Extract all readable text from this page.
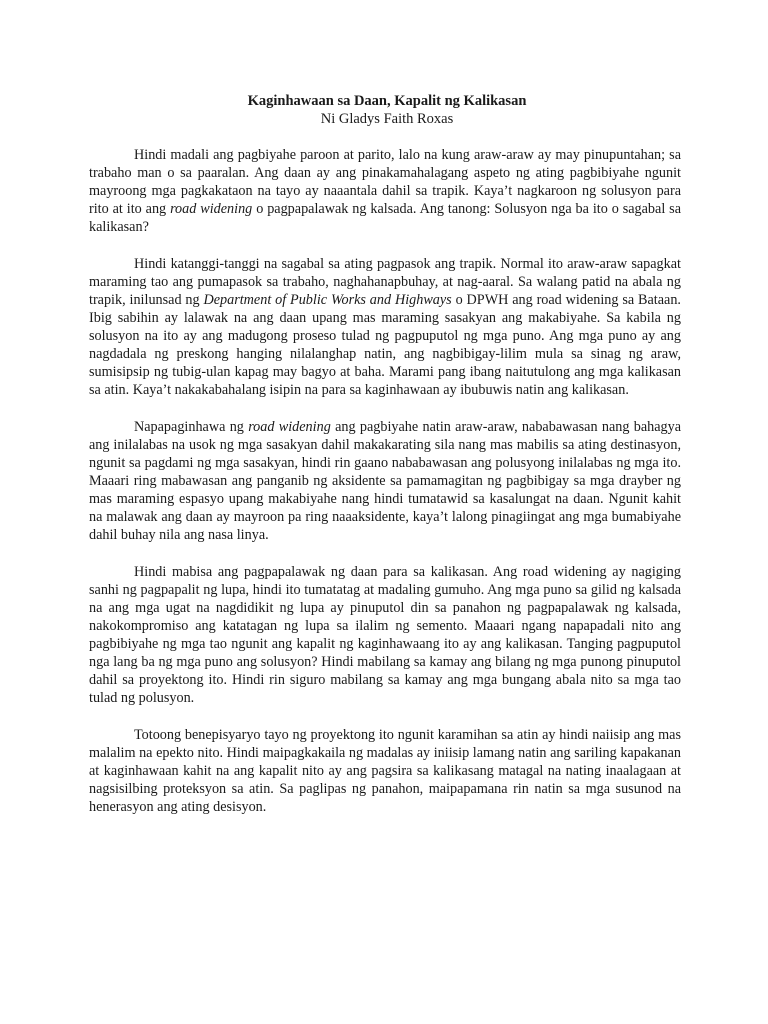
Kaginhawaan sa Daan, Kapalit ng Kalikasan

Ni Gladys Faith Roxas

Hindi madali ang pagbiyahe paroon at parito, lalo na kung araw-araw ay may pinupuntahan; sa trabaho man o sa paaralan. Ang daan ay ang pinakamahalagang aspeto ng ating pagbibiyahe ngunit mayroong mga pagkakataon na tayo ay naaantala dahil sa trapik. Kaya’t nagkaroon ng solusyon para rito at ito ang road widening o pagpapalawak ng kalsada. Ang tanong: Solusyon nga ba ito o sagabal sa kalikasan?

Hindi katanggi-tanggi na sagabal sa ating pagpasok ang trapik. Normal ito araw-araw sapagkat maraming tao ang pumapasok sa trabaho, naghahanapbuhay, at nag-aaral. Sa walang patid na abala ng trapik, inilunsad ng Department of Public Works and Highways o DPWH ang road widening sa Bataan. Ibig sabihin ay lalawak na ang daan upang mas maraming sasakyan ang makabiyahe. Sa kabila ng solusyon na ito ay ang madugong proseso tulad ng pagpuputol ng mga puno. Ang mga puno ay ang nagdadala ng preskong hanging nilalanghap natin, ang nagbibigay-lilim mula sa sinag ng araw, sumisipsip ng tubig-ulan kapag may bagyo at baha. Marami pang ibang naitutulong ang mga kalikasan sa atin. Kaya’t nakakabahalang isipin na para sa kaginhawaan ay ibubuwis natin ang kalikasan.

Napapaginhawa ng road widening ang pagbiyahe natin araw-araw, nababawasan nang bahagya ang inilalabas na usok ng mga sasakyan dahil makakarating sila nang mas mabilis sa ating destinasyon, ngunit sa pagdami ng mga sasakyan, hindi rin gaano nababawasan ang polusyong inilalabas ng mga ito. Maaari ring mabawasan ang panganib ng aksidente sa pamamagitan ng pagbibigay sa mga drayber ng mas maraming espasyo upang makabiyahe nang hindi tumatawid sa kasalungat na daan. Ngunit kahit na malawak ang daan ay mayroon pa ring naaaksidente, kaya’t lalong pinagiingat ang mga bumabiyahe dahil buhay nila ang nasa linya.

Hindi mabisa ang pagpapalawak ng daan para sa kalikasan. Ang road widening ay nagiging sanhi ng pagpapalit ng lupa, hindi ito tumatatag at madaling gumuho. Ang mga puno sa gilid ng kalsada na ang mga ugat na nagdidikit ng lupa ay pinuputol din sa panahon ng pagpapalawak ng kalsada, nakokompromiso ang katatagan ng lupa sa ilalim ng semento. Maaari ngang napapadali nito ang pagbibiyahe ng mga tao ngunit ang kapalit ng kaginhawaang ito ay ang kalikasan. Tanging pagpuputol nga lang ba ng mga puno ang solusyon? Hindi mabilang sa kamay ang bilang ng mga punong pinuputol dahil sa proyektong ito. Hindi rin siguro mabilang sa kamay ang mga bungang abala nito sa mga tao tulad ng polusyon.

Totoong benepisyaryo tayo ng proyektong ito ngunit karamihan sa atin ay hindi naiisip ang mas malalim na epekto nito. Hindi maipagkakaila ng madalas ay iniisip lamang natin ang sariling kapakanan at kaginhawaan kahit na ang kapalit nito ay ang pagsira sa kalikasang matagal na nating inaalagaan at nagsisilbing proteksyon sa atin. Sa paglipas ng panahon, maipapamana rin natin sa mga susunod na henerasyon ang ating desisyon.
